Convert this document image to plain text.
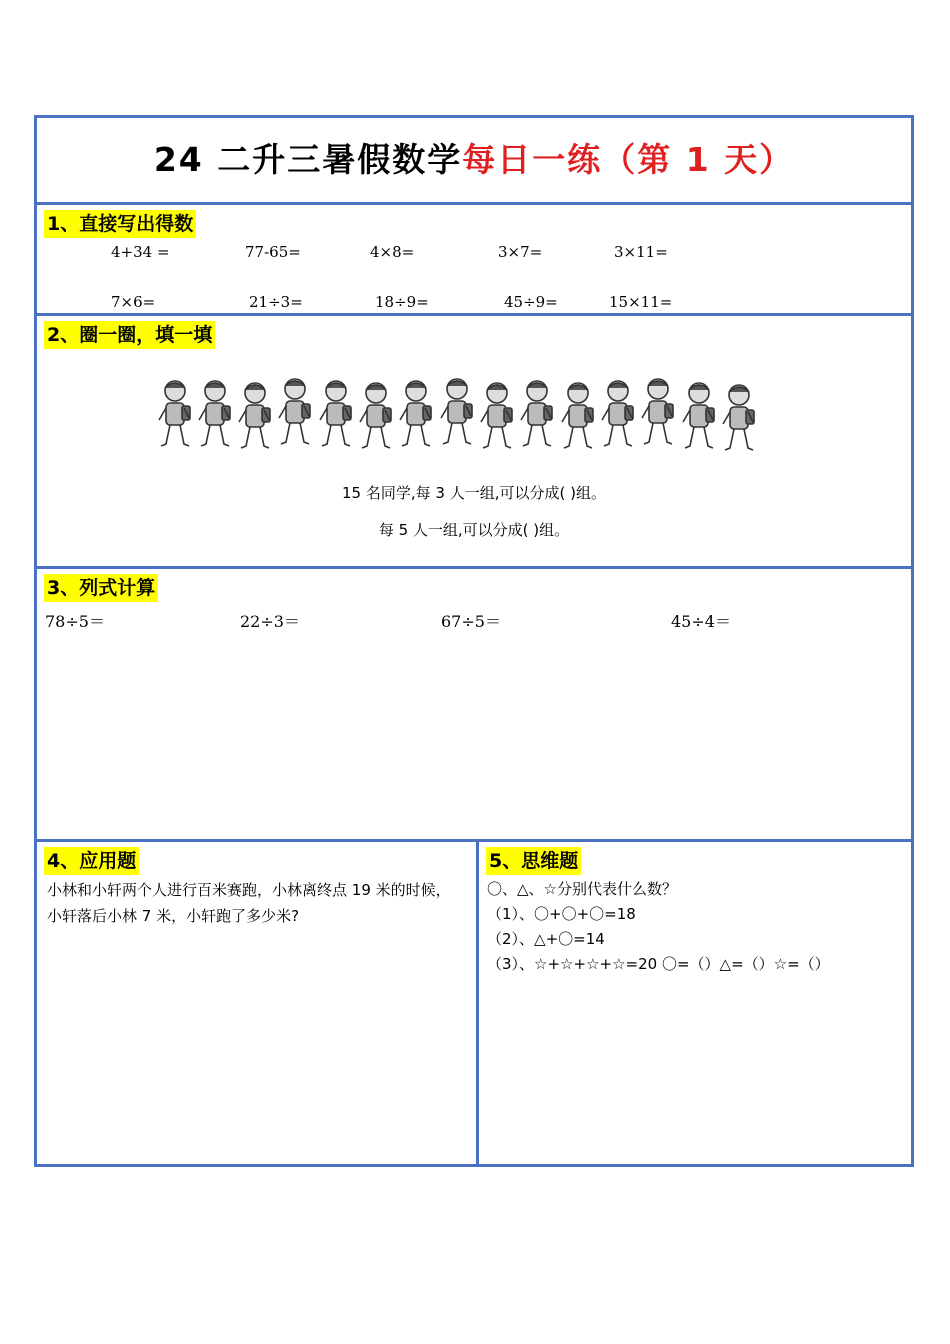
24 二升三暑假数学每日一练（第 1 天）
1、直接写出得数
4+34 =	77-65=	4×8=	3×7=	3×11=
7×6=	21÷3=	18÷9=	45÷9=	15×11=
2、圈一圈，填一填
15 名同学,每 3 人一组,可以分成( )组。
每 5 人一组,可以分成( )组。
3、列式计算
78÷5＝	22÷3＝	67÷5＝	45÷4＝
4、应用题
小林和小轩两个人进行百米赛跑，小林离终点 19 米的时候，小轩落后小林 7 米，小轩跑了多少米?
5、思维题
〇、△、☆分别代表什么数？
（1）、〇+〇+〇=18
（2）、△+〇=14
（3）、☆+☆+☆+☆=20 〇=（）△=（）☆=（）
